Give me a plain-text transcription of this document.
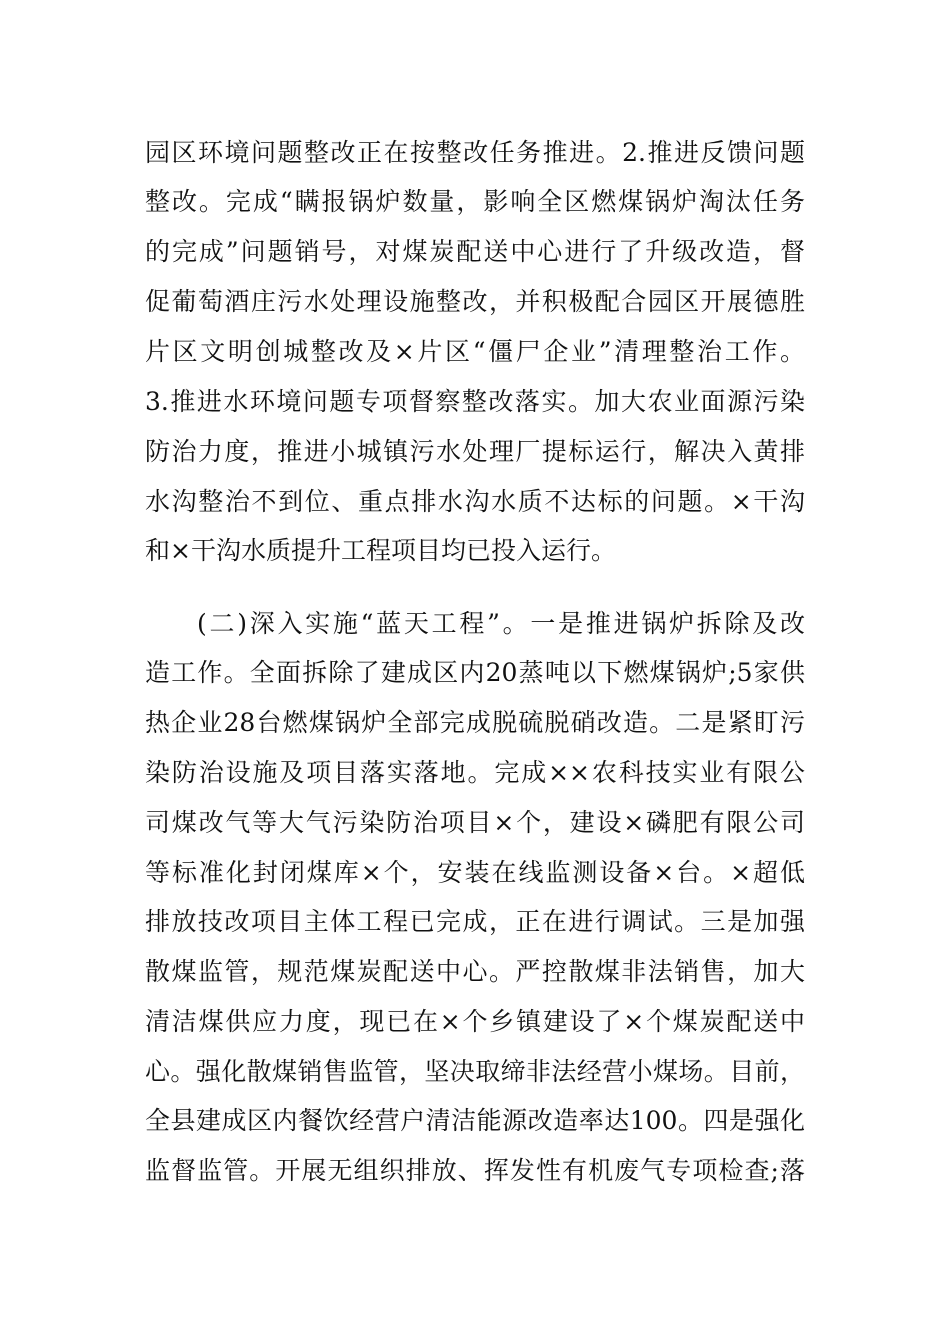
园区环境问题整改正在按整改任务推进。2.推进反馈问题
整改。完成“瞒报锅炉数量，影响全区燃煤锅炉淘汰任务
的完成”问题销号，对煤炭配送中心进行了升级改造，督
促葡萄酒庄污水处理设施整改，并积极配合园区开展德胜
片区文明创城整改及×片区“僵尸企业”清理整治工作。
3.推进水环境问题专项督察整改落实。加大农业面源污染
防治力度，推进小城镇污水处理厂提标运行，解决入黄排
水沟整治不到位、重点排水沟水质不达标的问题。×干沟
和×干沟水质提升工程项目均已投入运行。
(二)深入实施“蓝天工程”。一是推进锅炉拆除及改
造工作。全面拆除了建成区内20蒸吨以下燃煤锅炉;5家供
热企业28台燃煤锅炉全部完成脱硫脱硝改造。二是紧盯污
染防治设施及项目落实落地。完成××农科技实业有限公
司煤改气等大气污染防治项目×个，建设×磷肥有限公司
等标准化封闭煤库×个，安装在线监测设备×台。×超低
排放技改项目主体工程已完成，正在进行调试。三是加强
散煤监管，规范煤炭配送中心。严控散煤非法销售，加大
清洁煤供应力度，现已在×个乡镇建设了×个煤炭配送中
心。强化散煤销售监管，坚决取缔非法经营小煤场。目前，
全县建成区内餐饮经营户清洁能源改造率达100。四是强化
监督监管。开展无组织排放、挥发性有机废气专项检查;落
